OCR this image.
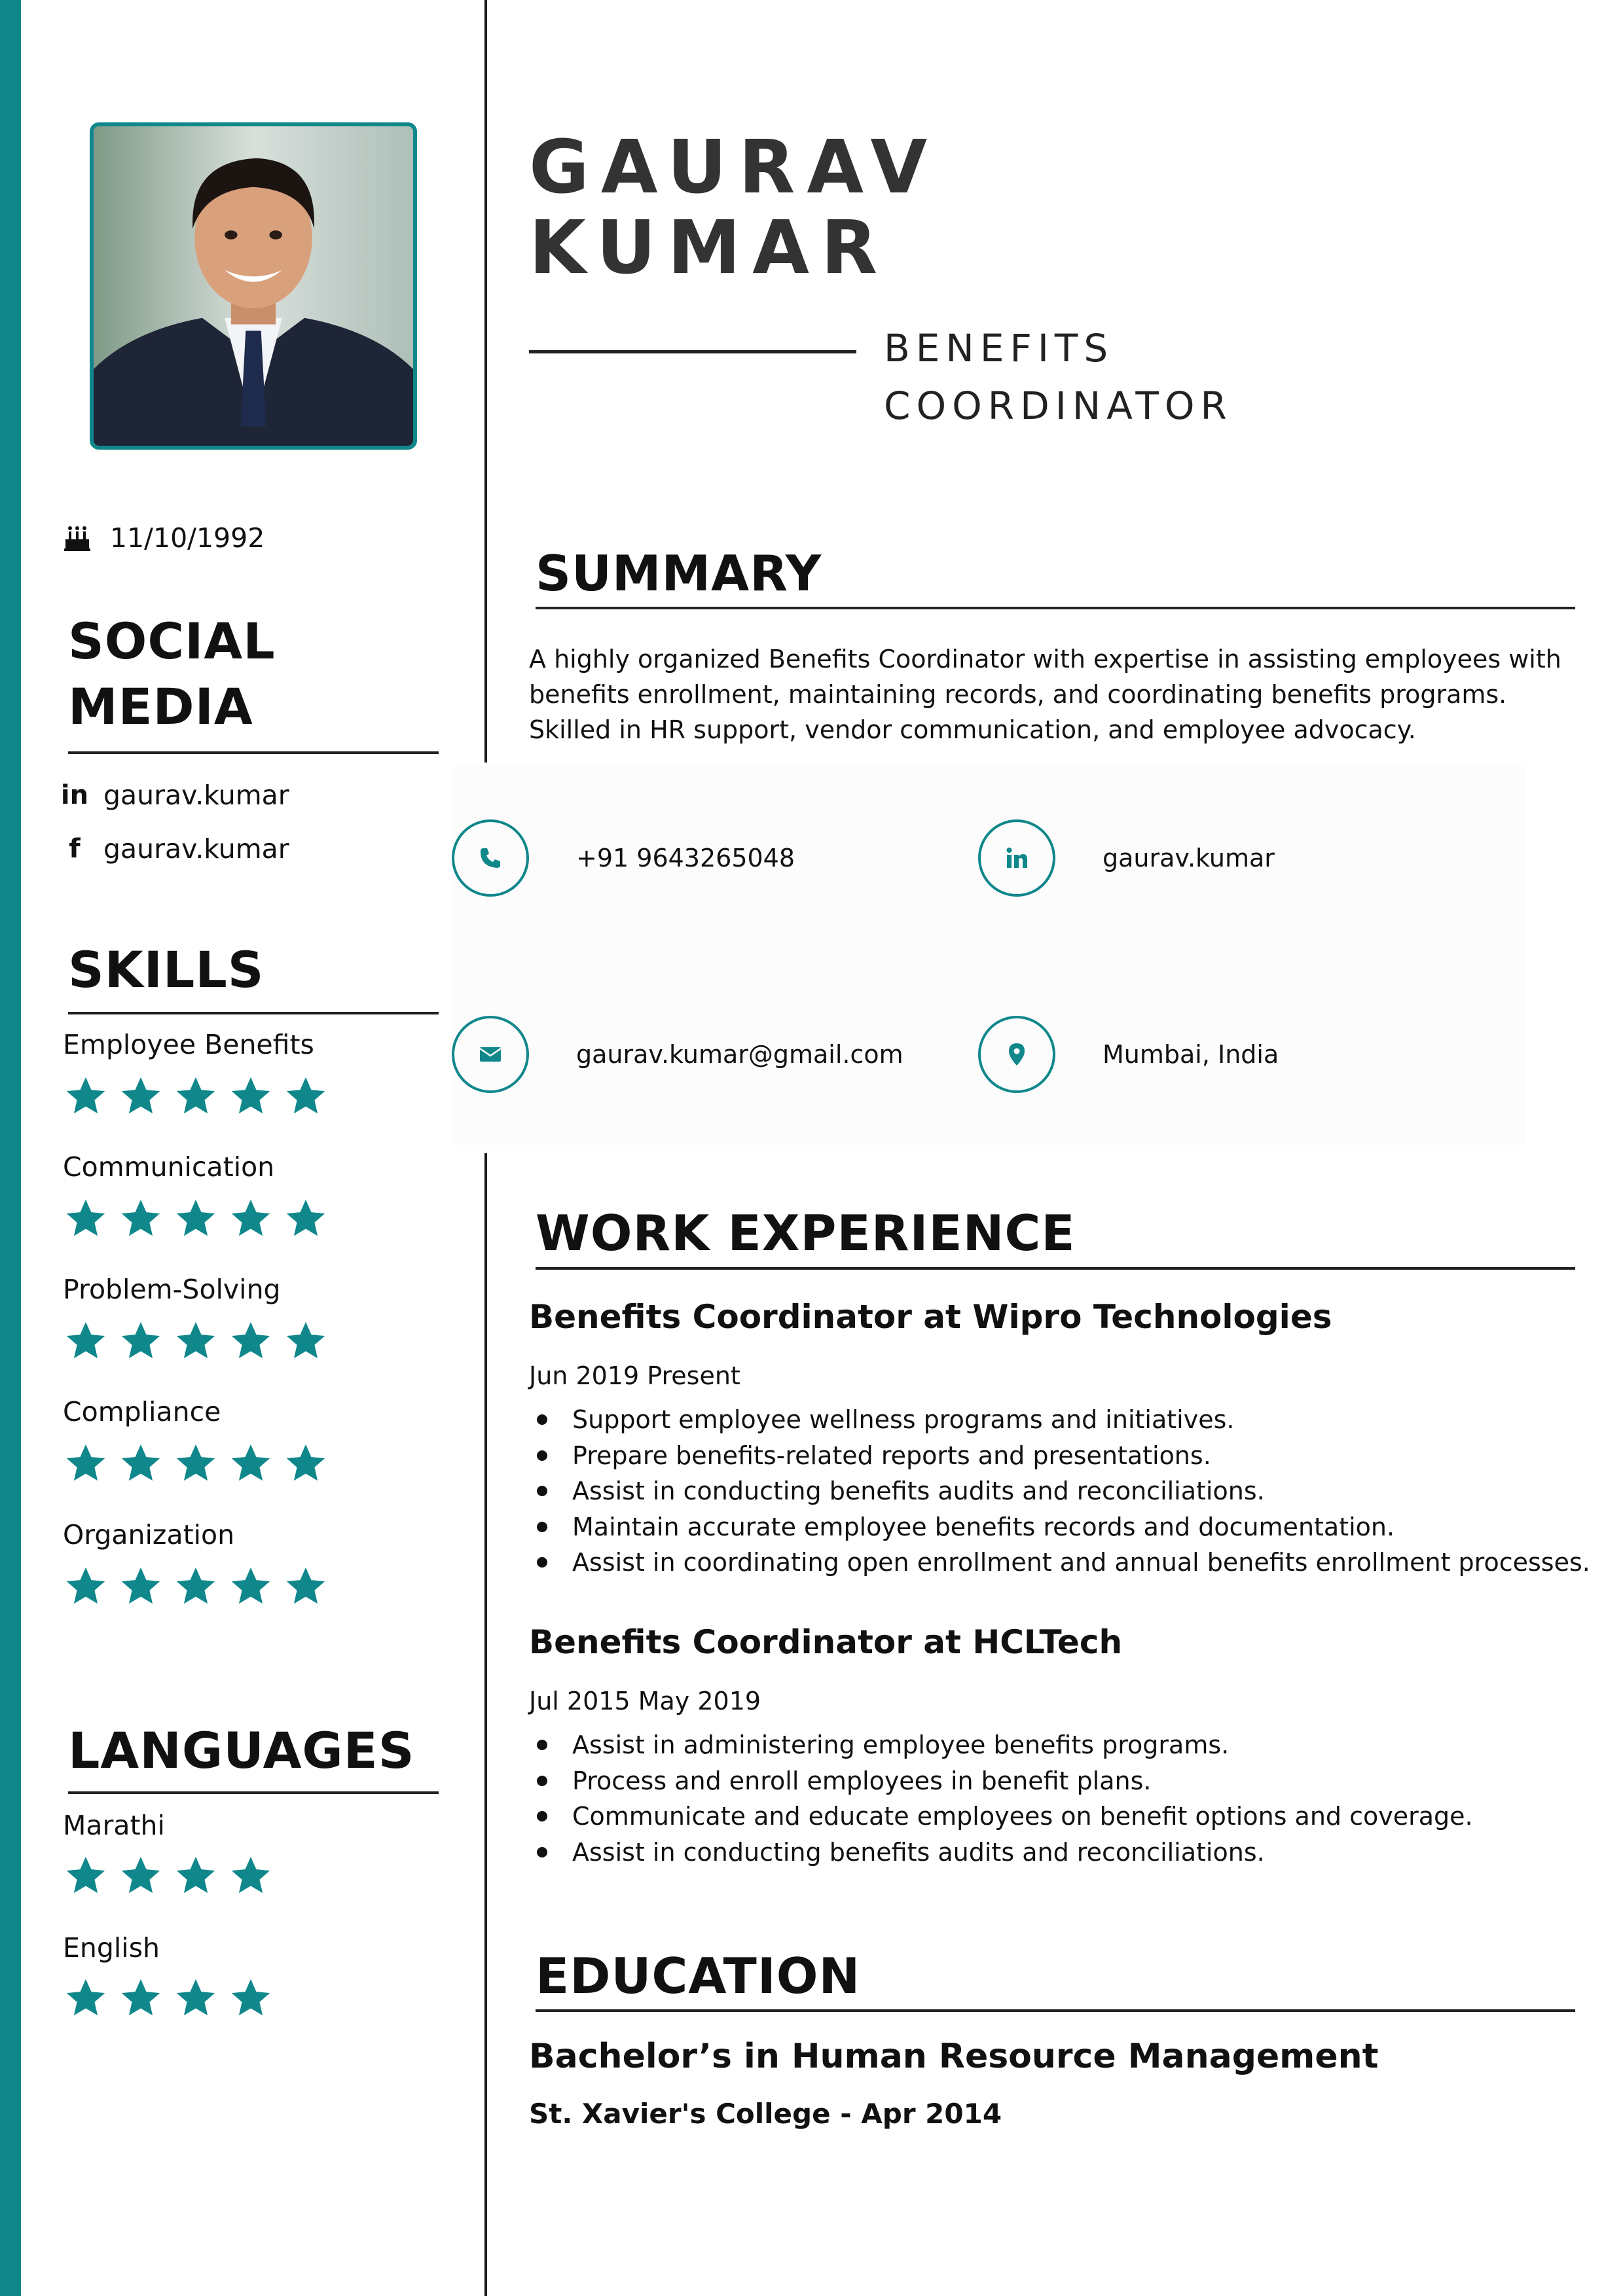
11/10/1992
SOCIAL
MEDIA
in gaurav.kumar
f gaurav.kumar
SKILLS
Employee Benefits
Communication
Problem-Solving
Compliance
Organization
LANGUAGES
Marathi
English
GAURAV
KUMAR
BENEFITS
COORDINATOR
SUMMARY
A highly organized Benefits Coordinator with expertise in assisting employees with benefits enrollment, maintaining records, and coordinating benefits programs. Skilled in HR support, vendor communication, and employee advocacy.
+91 9643265048	gaurav.kumar
gaurav.kumar@gmail.com	Mumbai, India
WORK EXPERIENCE
Benefits Coordinator at Wipro Technologies
Jun 2019 Present
Support employee wellness programs and initiatives.
Prepare benefits-related reports and presentations.
Assist in conducting benefits audits and reconciliations.
Maintain accurate employee benefits records and documentation.
Assist in coordinating open enrollment and annual benefits enrollment processes.
Benefits Coordinator at HCLTech
Jul 2015 May 2019
Assist in administering employee benefits programs.
Process and enroll employees in benefit plans.
Communicate and educate employees on benefit options and coverage.
Assist in conducting benefits audits and reconciliations.
EDUCATION
Bachelor’s in Human Resource Management
St. Xavier's College - Apr 2014
